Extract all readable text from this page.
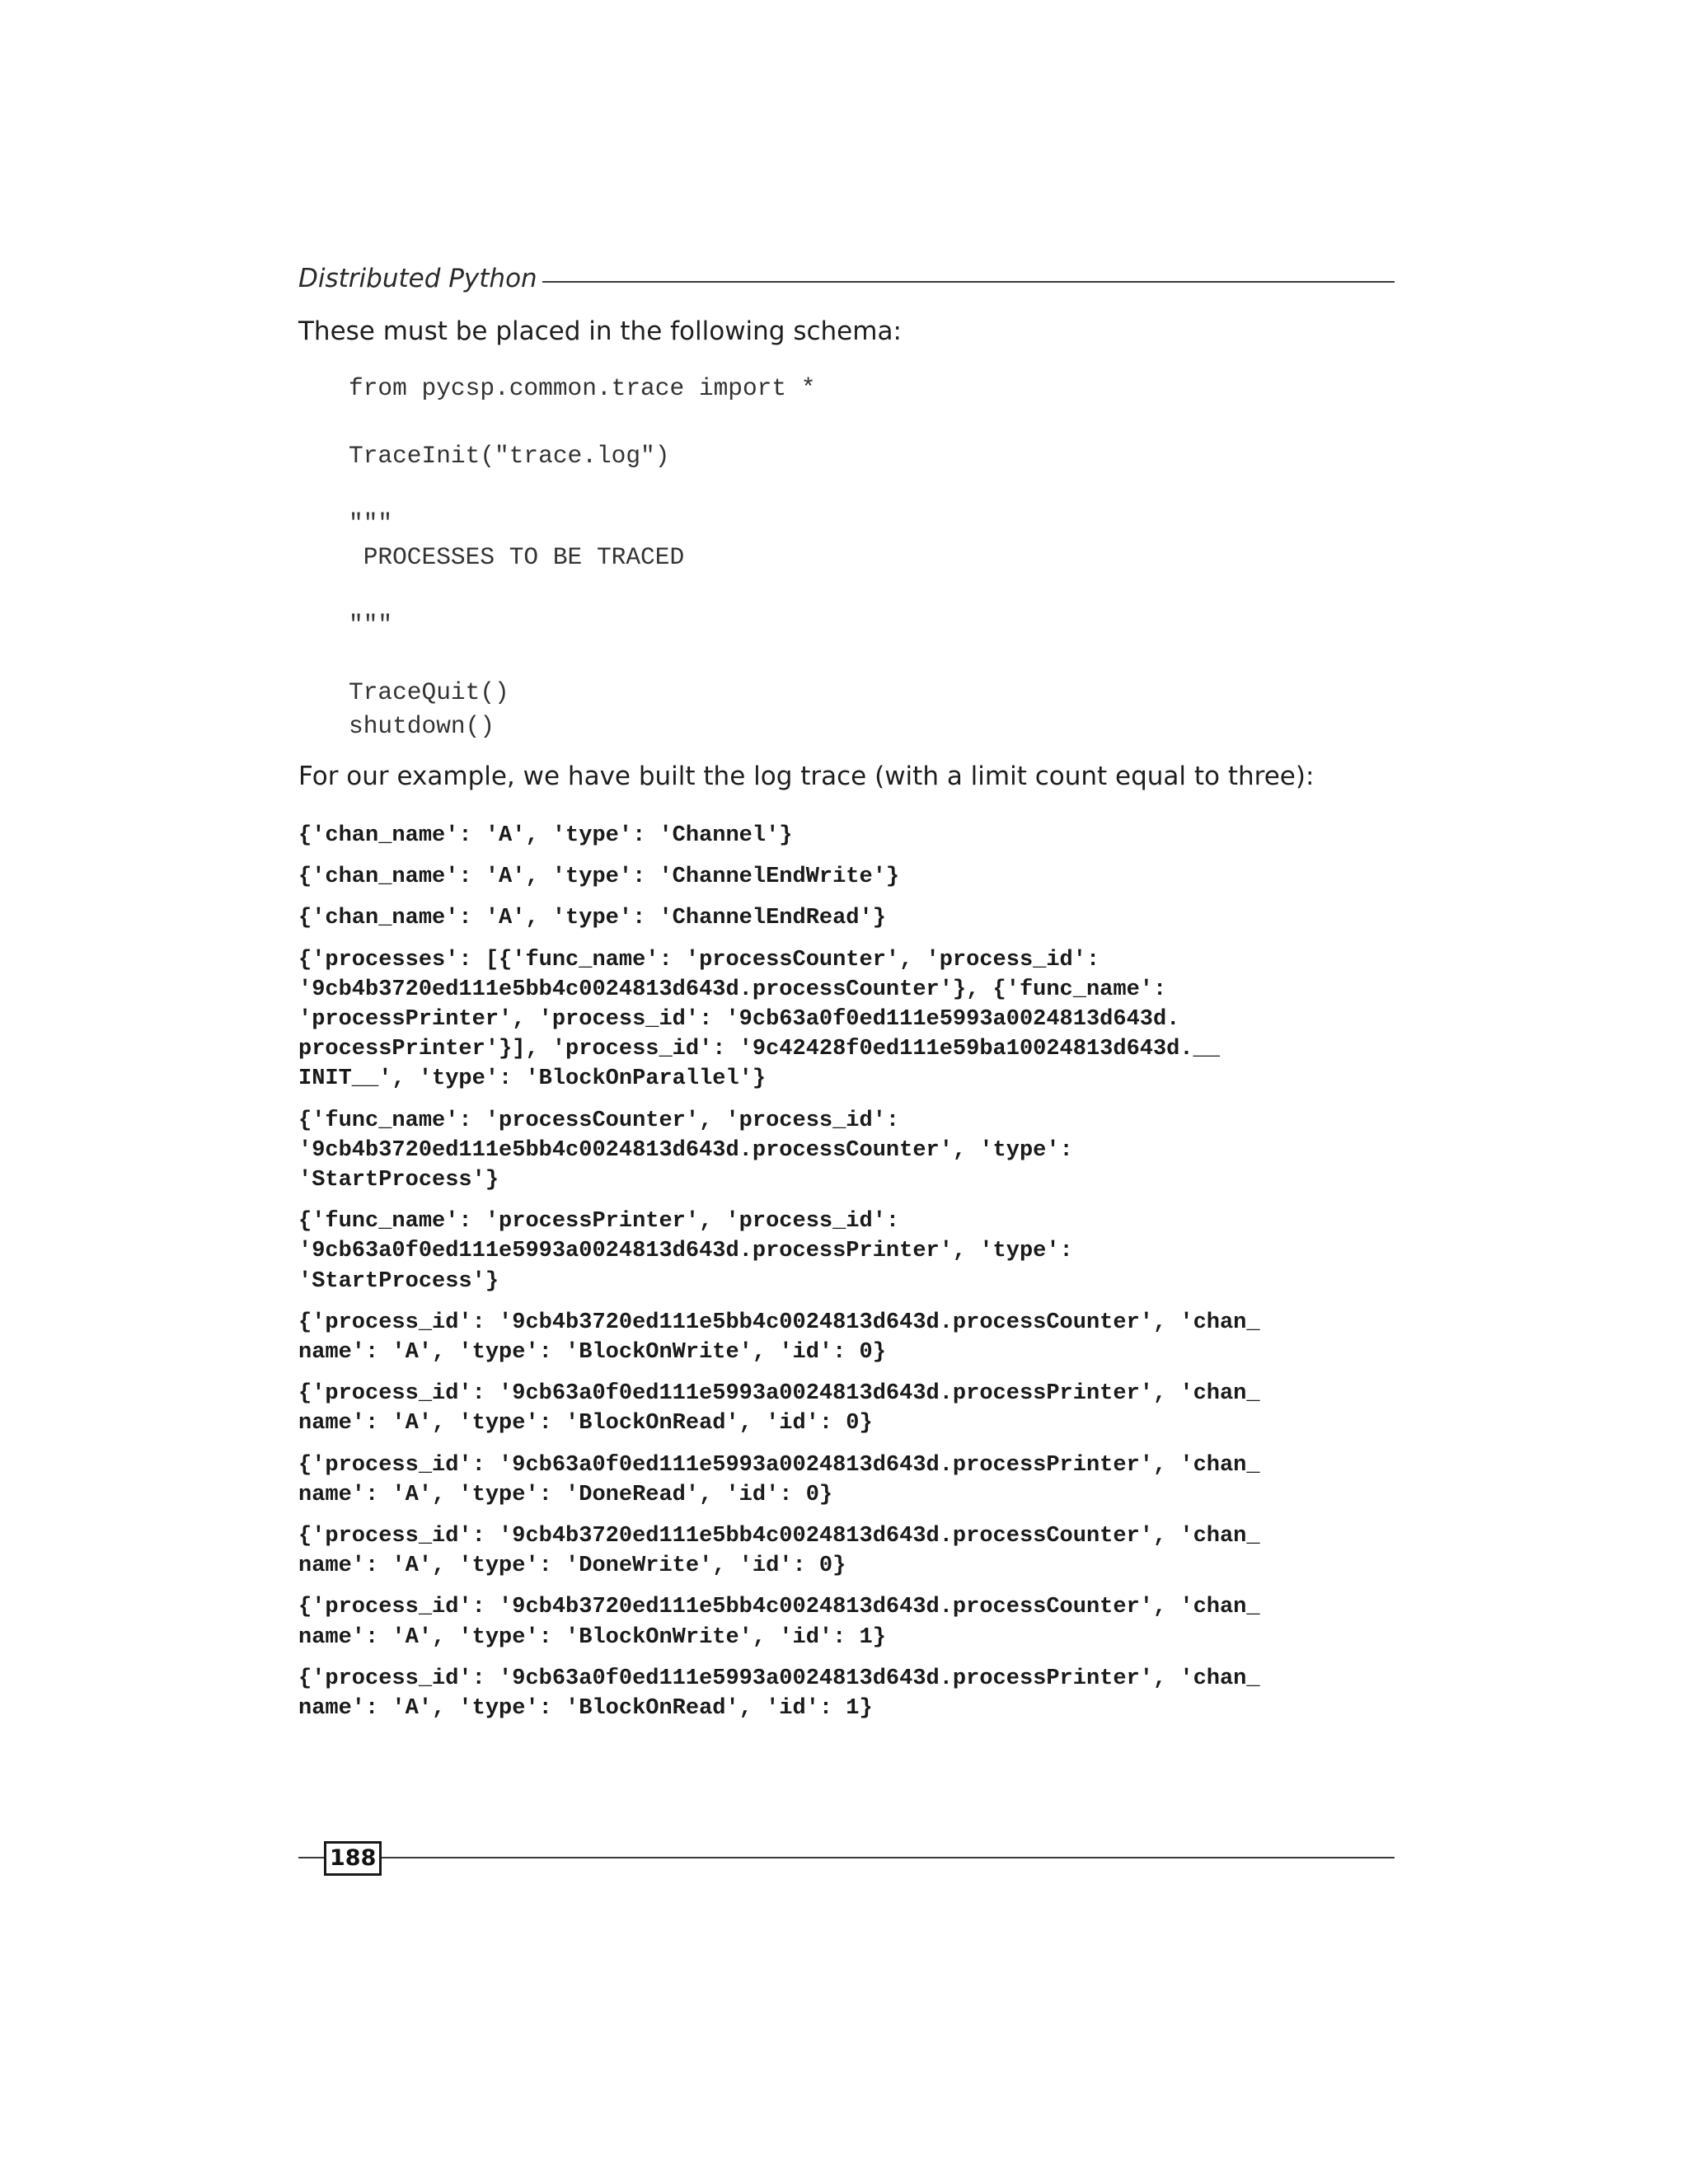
Distributed Python
These must be placed in the following schema:
from pycsp.common.trace import *
TraceInit("trace.log")
"""
PROCESSES TO BE TRACED
"""
TraceQuit()
shutdown()
For our example, we have built the log trace (with a limit count equal to three):
{'chan_name': 'A', 'type': 'Channel'}
{'chan_name': 'A', 'type': 'ChannelEndWrite'}
{'chan_name': 'A', 'type': 'ChannelEndRead'}
{'processes': [{'func_name': 'processCounter', 'process_id':
'9cb4b3720ed111e5bb4c0024813d643d.processCounter'}, {'func_name':
'processPrinter', 'process_id': '9cb63a0f0ed111e5993a0024813d643d.
processPrinter'}], 'process_id': '9c42428f0ed111e59ba10024813d643d.__
INIT__', 'type': 'BlockOnParallel'}
{'func_name': 'processCounter', 'process_id':
'9cb4b3720ed111e5bb4c0024813d643d.processCounter', 'type':
'StartProcess'}
{'func_name': 'processPrinter', 'process_id':
'9cb63a0f0ed111e5993a0024813d643d.processPrinter', 'type':
'StartProcess'}
{'process_id': '9cb4b3720ed111e5bb4c0024813d643d.processCounter', 'chan_
name': 'A', 'type': 'BlockOnWrite', 'id': 0}
{'process_id': '9cb63a0f0ed111e5993a0024813d643d.processPrinter', 'chan_
name': 'A', 'type': 'BlockOnRead', 'id': 0}
{'process_id': '9cb63a0f0ed111e5993a0024813d643d.processPrinter', 'chan_
name': 'A', 'type': 'DoneRead', 'id': 0}
{'process_id': '9cb4b3720ed111e5bb4c0024813d643d.processCounter', 'chan_
name': 'A', 'type': 'DoneWrite', 'id': 0}
{'process_id': '9cb4b3720ed111e5bb4c0024813d643d.processCounter', 'chan_
name': 'A', 'type': 'BlockOnWrite', 'id': 1}
{'process_id': '9cb63a0f0ed111e5993a0024813d643d.processPrinter', 'chan_
name': 'A', 'type': 'BlockOnRead', 'id': 1}
188
